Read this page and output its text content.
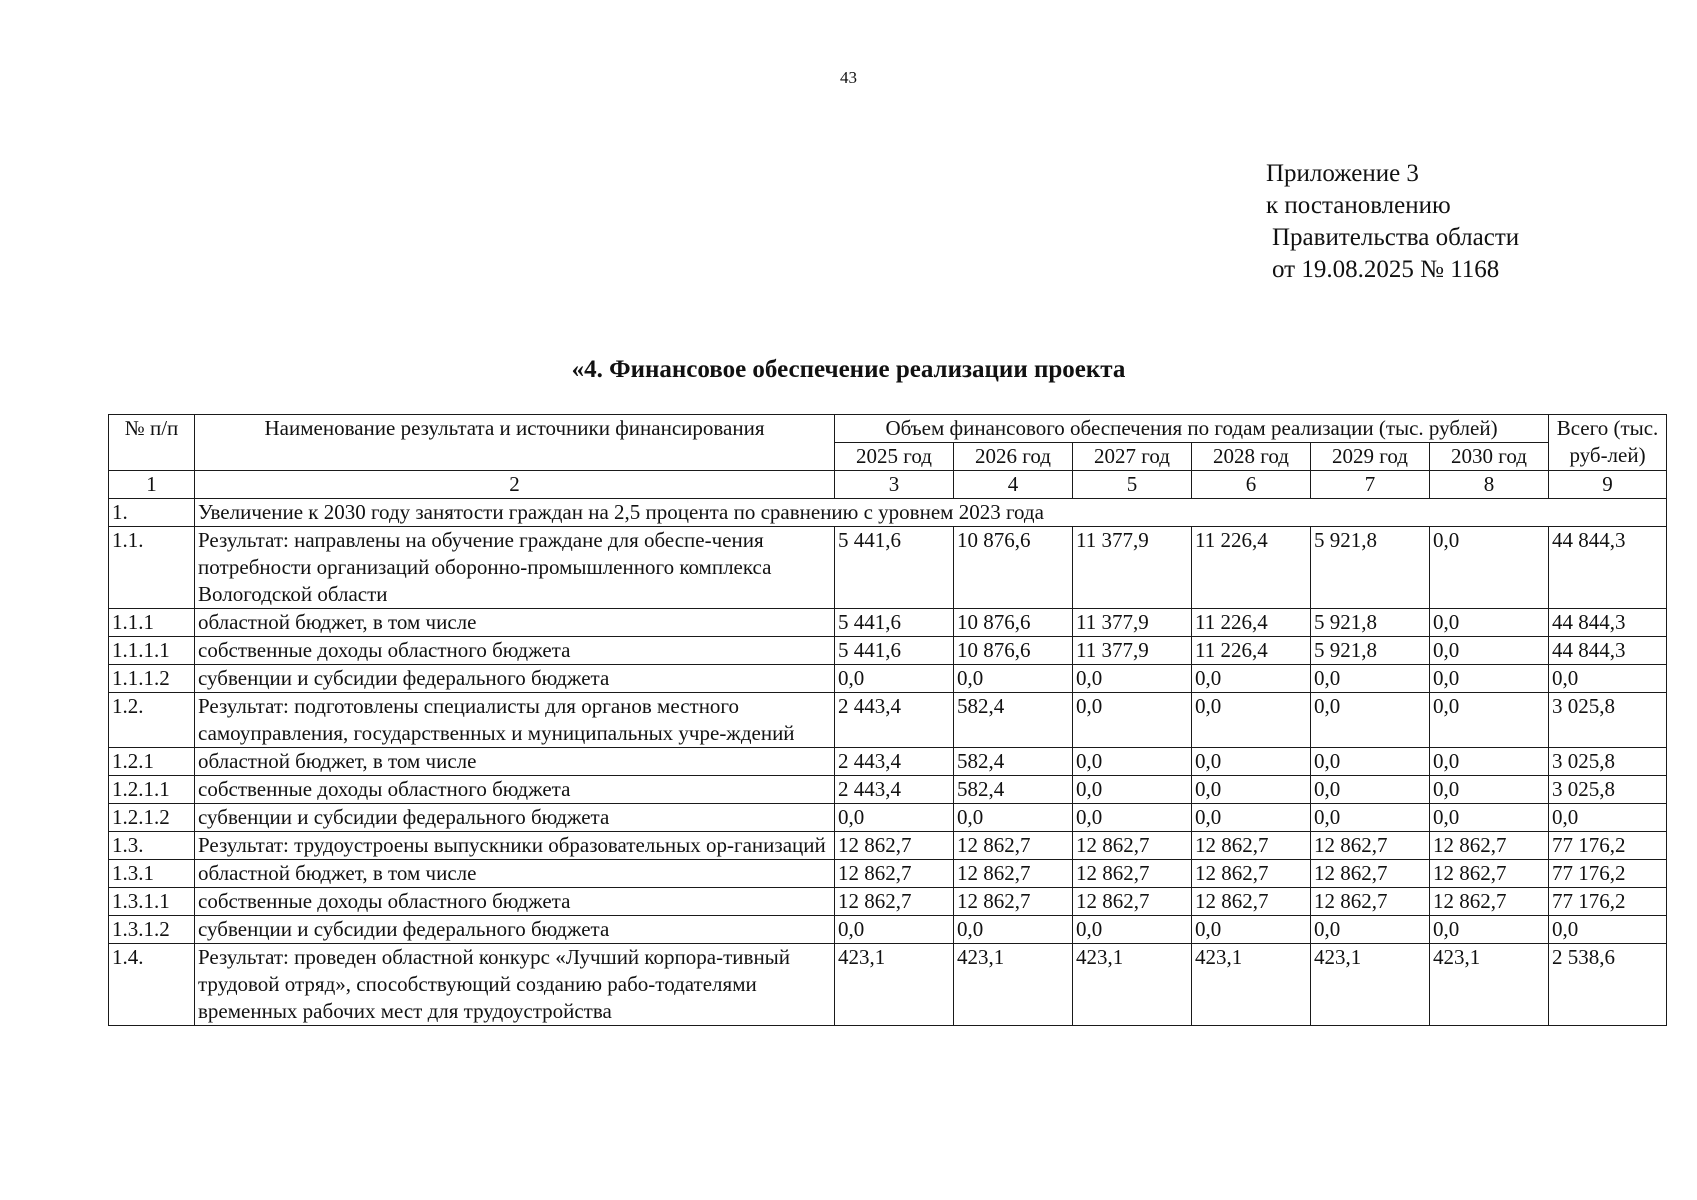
43
Приложение 3
к постановлению
Правительства области
от 19.08.2025 № 1168
«4. Финансовое обеспечение реализации проекта
№ п/п	Наименование результата и источники финансирования	Объем финансового обеспечения по годам реализации (тыс. рублей)						Всего (тыс. руб-лей)
		2025 год	2026 год	2027 год	2028 год	2029 год	2030 год	
1	2	3	4	5	6	7	8	9
1.	Увеличение к 2030 году занятости граждан на 2,5 процента по сравнению с уровнем 2023 года							
1.1.	Результат: направлены на обучение граждане для обеспе-чения потребности организаций оборонно-промышленного комплекса Вологодской области	5 441,6	10 876,6	11 377,9	11 226,4	5 921,8	0,0	44 844,3
1.1.1	областной бюджет, в том числе	5 441,6	10 876,6	11 377,9	11 226,4	5 921,8	0,0	44 844,3
1.1.1.1	собственные доходы областного бюджета	5 441,6	10 876,6	11 377,9	11 226,4	5 921,8	0,0	44 844,3
1.1.1.2	субвенции и субсидии федерального бюджета	0,0	0,0	0,0	0,0	0,0	0,0	0,0
1.2.	Результат: подготовлены специалисты для органов местного самоуправления, государственных и муниципальных учре-ждений	2 443,4	582,4	0,0	0,0	0,0	0,0	3 025,8
1.2.1	областной бюджет, в том числе	2 443,4	582,4	0,0	0,0	0,0	0,0	3 025,8
1.2.1.1	собственные доходы областного бюджета	2 443,4	582,4	0,0	0,0	0,0	0,0	3 025,8
1.2.1.2	субвенции и субсидии федерального бюджета	0,0	0,0	0,0	0,0	0,0	0,0	0,0
1.3.	Результат: трудоустроены выпускники образовательных ор-ганизаций	12 862,7	12 862,7	12 862,7	12 862,7	12 862,7	12 862,7	77 176,2
1.3.1	областной бюджет, в том числе	12 862,7	12 862,7	12 862,7	12 862,7	12 862,7	12 862,7	77 176,2
1.3.1.1	собственные доходы областного бюджета	12 862,7	12 862,7	12 862,7	12 862,7	12 862,7	12 862,7	77 176,2
1.3.1.2	субвенции и субсидии федерального бюджета	0,0	0,0	0,0	0,0	0,0	0,0	0,0
1.4.	Результат: проведен областной конкурс «Лучший корпора-тивный трудовой отряд», способствующий созданию рабо-тодателями временных рабочих мест для трудоустройства	423,1	423,1	423,1	423,1	423,1	423,1	2 538,6
